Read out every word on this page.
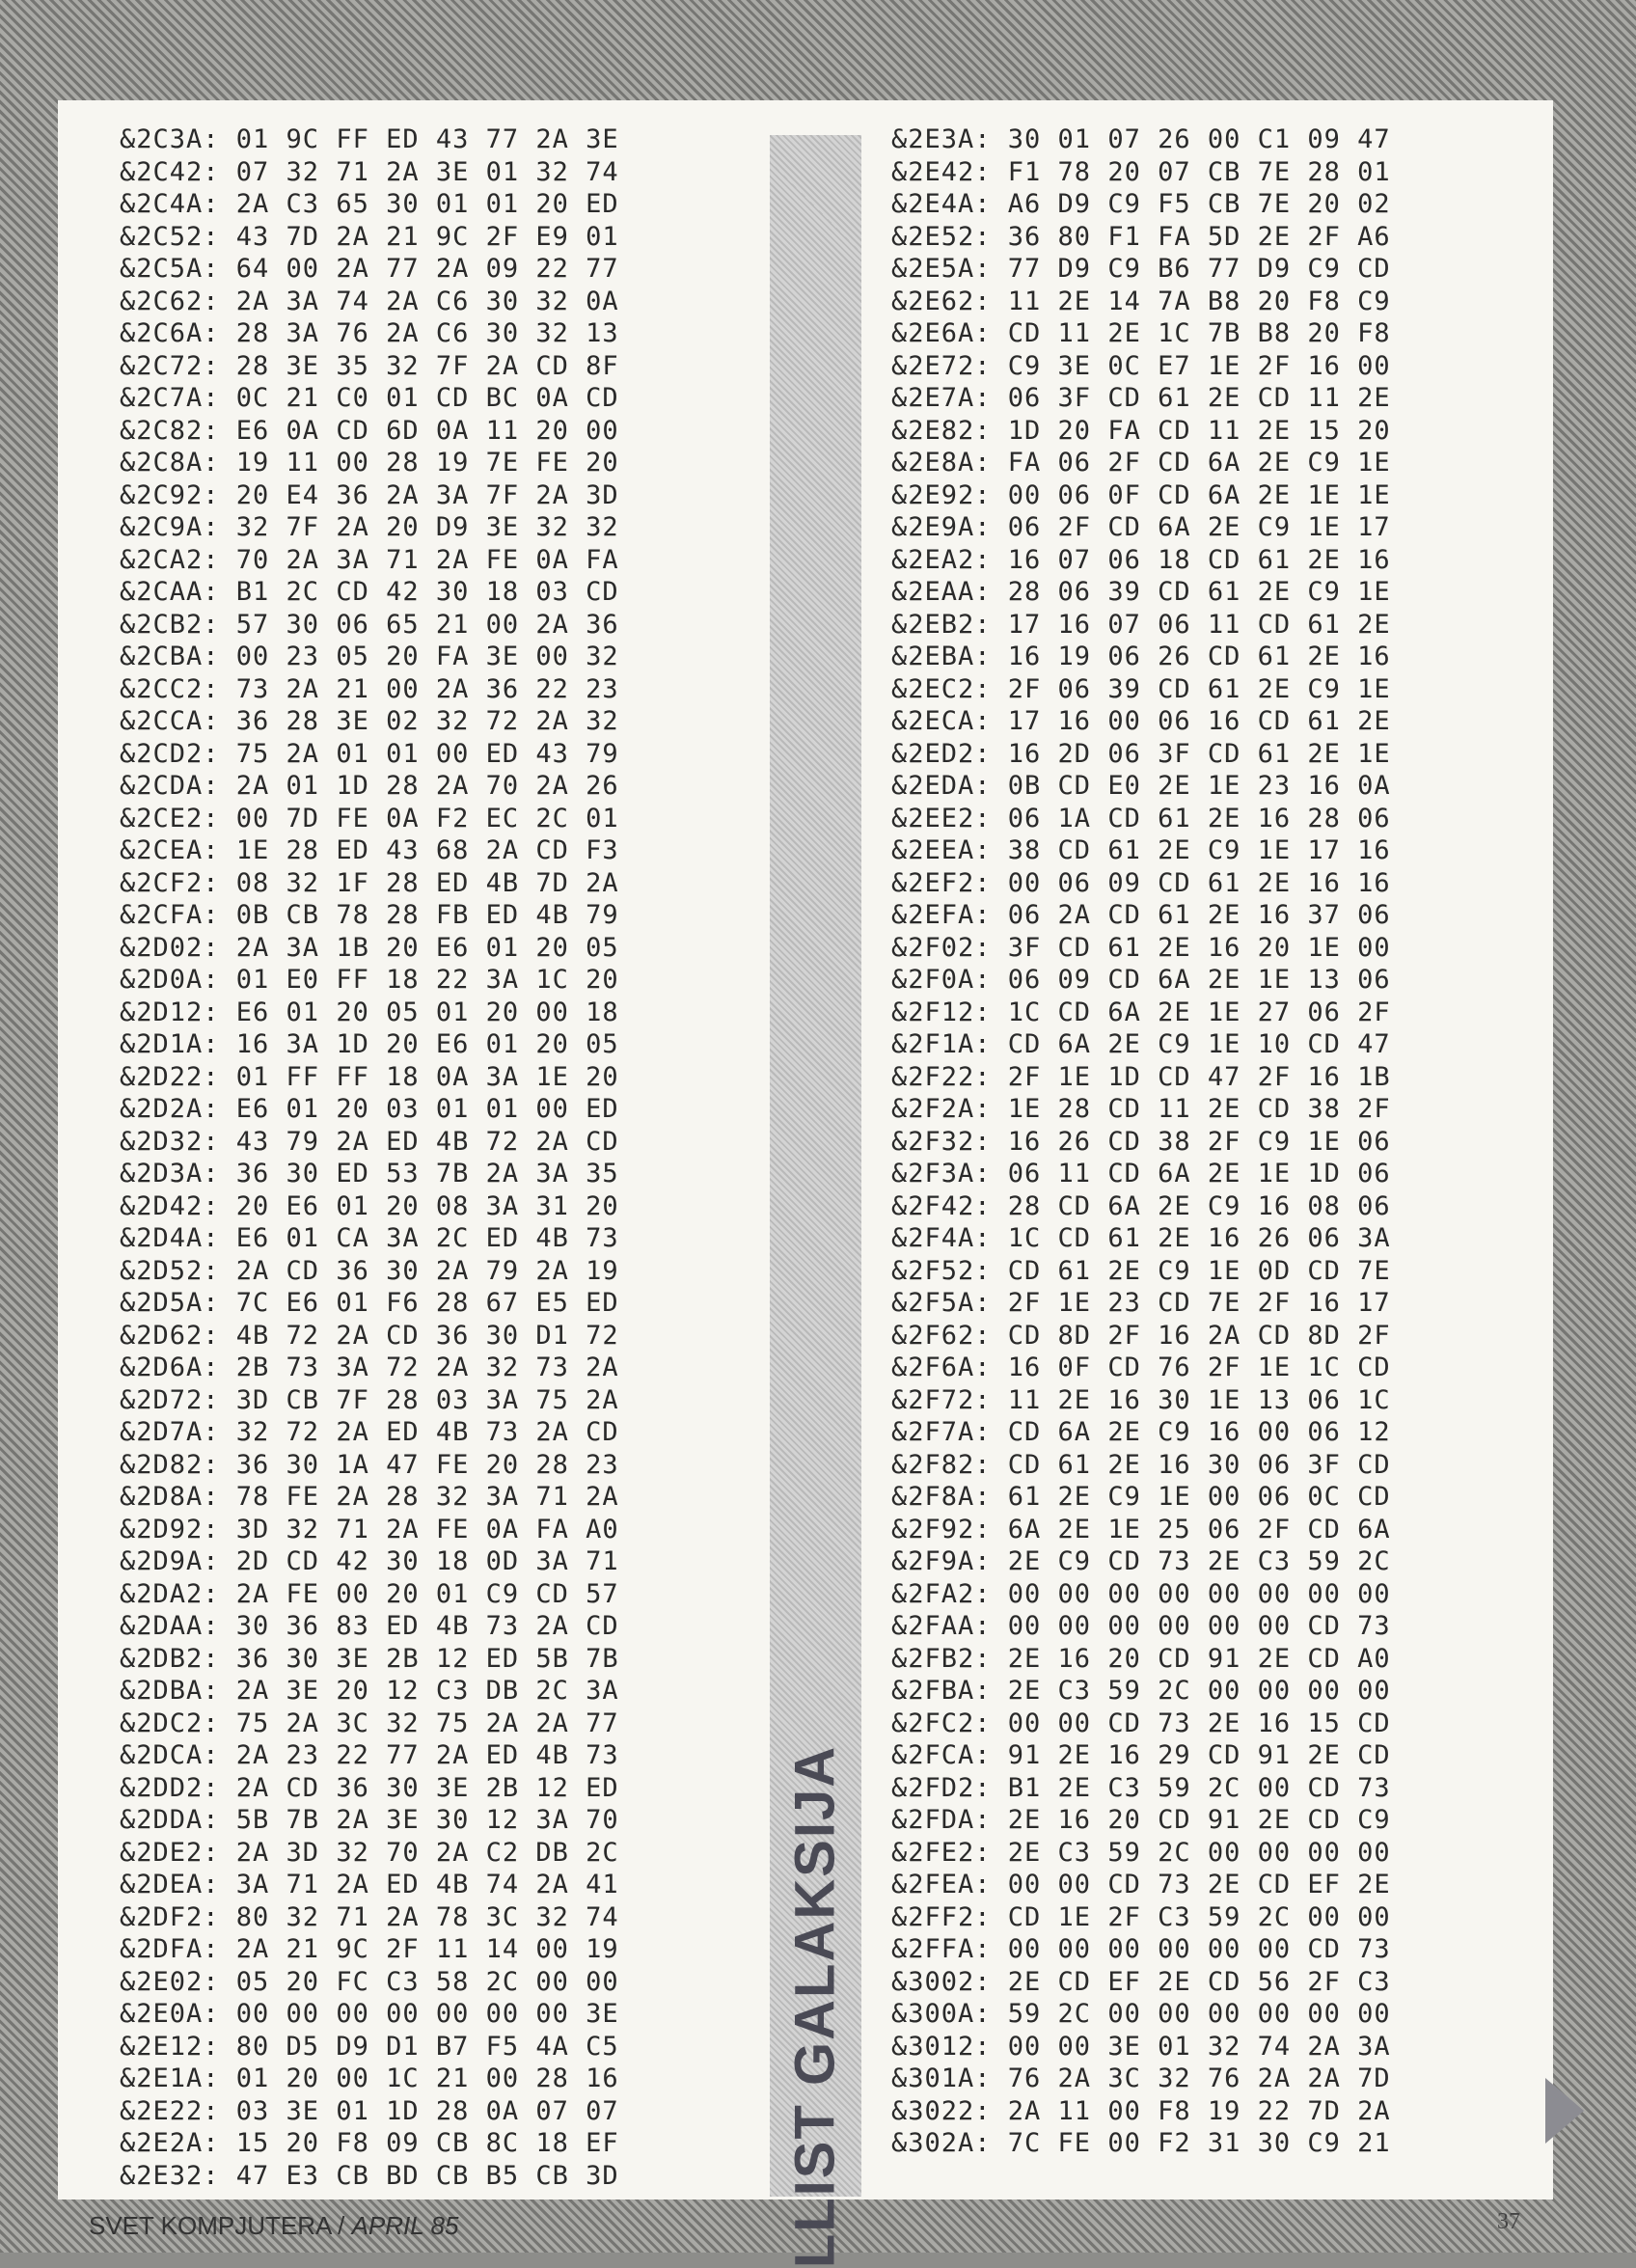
&2C3A: 01 9C FF ED 43 77 2A 3E
&2C42: 07 32 71 2A 3E 01 32 74
&2C4A: 2A C3 65 30 01 01 20 ED
&2C52: 43 7D 2A 21 9C 2F E9 01
&2C5A: 64 00 2A 77 2A 09 22 77
&2C62: 2A 3A 74 2A C6 30 32 0A
&2C6A: 28 3A 76 2A C6 30 32 13
&2C72: 28 3E 35 32 7F 2A CD 8F
&2C7A: 0C 21 C0 01 CD BC 0A CD
&2C82: E6 0A CD 6D 0A 11 20 00
&2C8A: 19 11 00 28 19 7E FE 20
&2C92: 20 E4 36 2A 3A 7F 2A 3D
&2C9A: 32 7F 2A 20 D9 3E 32 32
&2CA2: 70 2A 3A 71 2A FE 0A FA
&2CAA: B1 2C CD 42 30 18 03 CD
&2CB2: 57 30 06 65 21 00 2A 36
&2CBA: 00 23 05 20 FA 3E 00 32
&2CC2: 73 2A 21 00 2A 36 22 23
&2CCA: 36 28 3E 02 32 72 2A 32
&2CD2: 75 2A 01 01 00 ED 43 79
&2CDA: 2A 01 1D 28 2A 70 2A 26
&2CE2: 00 7D FE 0A F2 EC 2C 01
&2CEA: 1E 28 ED 43 68 2A CD F3
&2CF2: 08 32 1F 28 ED 4B 7D 2A
&2CFA: 0B CB 78 28 FB ED 4B 79
&2D02: 2A 3A 1B 20 E6 01 20 05
&2D0A: 01 E0 FF 18 22 3A 1C 20
&2D12: E6 01 20 05 01 20 00 18
&2D1A: 16 3A 1D 20 E6 01 20 05
&2D22: 01 FF FF 18 0A 3A 1E 20
&2D2A: E6 01 20 03 01 01 00 ED
&2D32: 43 79 2A ED 4B 72 2A CD
&2D3A: 36 30 ED 53 7B 2A 3A 35
&2D42: 20 E6 01 20 08 3A 31 20
&2D4A: E6 01 CA 3A 2C ED 4B 73
&2D52: 2A CD 36 30 2A 79 2A 19
&2D5A: 7C E6 01 F6 28 67 E5 ED
&2D62: 4B 72 2A CD 36 30 D1 72
&2D6A: 2B 73 3A 72 2A 32 73 2A
&2D72: 3D CB 7F 28 03 3A 75 2A
&2D7A: 32 72 2A ED 4B 73 2A CD
&2D82: 36 30 1A 47 FE 20 28 23
&2D8A: 78 FE 2A 28 32 3A 71 2A
&2D92: 3D 32 71 2A FE 0A FA A0
&2D9A: 2D CD 42 30 18 0D 3A 71
&2DA2: 2A FE 00 20 01 C9 CD 57
&2DAA: 30 36 83 ED 4B 73 2A CD
&2DB2: 36 30 3E 2B 12 ED 5B 7B
&2DBA: 2A 3E 20 12 C3 DB 2C 3A
&2DC2: 75 2A 3C 32 75 2A 2A 77
&2DCA: 2A 23 22 77 2A ED 4B 73
&2DD2: 2A CD 36 30 3E 2B 12 ED
&2DDA: 5B 7B 2A 3E 30 12 3A 70
&2DE2: 2A 3D 32 70 2A C2 DB 2C
&2DEA: 3A 71 2A ED 4B 74 2A 41
&2DF2: 80 32 71 2A 78 3C 32 74
&2DFA: 2A 21 9C 2F 11 14 00 19
&2E02: 05 20 FC C3 58 2C 00 00
&2E0A: 00 00 00 00 00 00 00 3E
&2E12: 80 D5 D9 D1 B7 F5 4A C5
&2E1A: 01 20 00 1C 21 00 28 16
&2E22: 03 3E 01 1D 28 0A 07 07
&2E2A: 15 20 F8 09 CB 8C 18 EF
&2E32: 47 E3 CB BD CB B5 CB 3D	LLIST GALAKSIJA
&2E3A: 30 01 07 26 00 C1 09 47
&2E42: F1 78 20 07 CB 7E 28 01
&2E4A: A6 D9 C9 F5 CB 7E 20 02
&2E52: 36 80 F1 FA 5D 2E 2F A6
&2E5A: 77 D9 C9 B6 77 D9 C9 CD
&2E62: 11 2E 14 7A B8 20 F8 C9
&2E6A: CD 11 2E 1C 7B B8 20 F8
&2E72: C9 3E 0C E7 1E 2F 16 00
&2E7A: 06 3F CD 61 2E CD 11 2E
&2E82: 1D 20 FA CD 11 2E 15 20
&2E8A: FA 06 2F CD 6A 2E C9 1E
&2E92: 00 06 0F CD 6A 2E 1E 1E
&2E9A: 06 2F CD 6A 2E C9 1E 17
&2EA2: 16 07 06 18 CD 61 2E 16
&2EAA: 28 06 39 CD 61 2E C9 1E
&2EB2: 17 16 07 06 11 CD 61 2E
&2EBA: 16 19 06 26 CD 61 2E 16
&2EC2: 2F 06 39 CD 61 2E C9 1E
&2ECA: 17 16 00 06 16 CD 61 2E
&2ED2: 16 2D 06 3F CD 61 2E 1E
&2EDA: 0B CD E0 2E 1E 23 16 0A
&2EE2: 06 1A CD 61 2E 16 28 06
&2EEA: 38 CD 61 2E C9 1E 17 16
&2EF2: 00 06 09 CD 61 2E 16 16
&2EFA: 06 2A CD 61 2E 16 37 06
&2F02: 3F CD 61 2E 16 20 1E 00
&2F0A: 06 09 CD 6A 2E 1E 13 06
&2F12: 1C CD 6A 2E 1E 27 06 2F
&2F1A: CD 6A 2E C9 1E 10 CD 47
&2F22: 2F 1E 1D CD 47 2F 16 1B
&2F2A: 1E 28 CD 11 2E CD 38 2F
&2F32: 16 26 CD 38 2F C9 1E 06
&2F3A: 06 11 CD 6A 2E 1E 1D 06
&2F42: 28 CD 6A 2E C9 16 08 06
&2F4A: 1C CD 61 2E 16 26 06 3A
&2F52: CD 61 2E C9 1E 0D CD 7E
&2F5A: 2F 1E 23 CD 7E 2F 16 17
&2F62: CD 8D 2F 16 2A CD 8D 2F
&2F6A: 16 0F CD 76 2F 1E 1C CD
&2F72: 11 2E 16 30 1E 13 06 1C
&2F7A: CD 6A 2E C9 16 00 06 12
&2F82: CD 61 2E 16 30 06 3F CD
&2F8A: 61 2E C9 1E 00 06 0C CD
&2F92: 6A 2E 1E 25 06 2F CD 6A
&2F9A: 2E C9 CD 73 2E C3 59 2C
&2FA2: 00 00 00 00 00 00 00 00
&2FAA: 00 00 00 00 00 00 CD 73
&2FB2: 2E 16 20 CD 91 2E CD A0
&2FBA: 2E C3 59 2C 00 00 00 00
&2FC2: 00 00 CD 73 2E 16 15 CD
&2FCA: 91 2E 16 29 CD 91 2E CD
&2FD2: B1 2E C3 59 2C 00 CD 73
&2FDA: 2E 16 20 CD 91 2E CD C9
&2FE2: 2E C3 59 2C 00 00 00 00
&2FEA: 00 00 CD 73 2E CD EF 2E
&2FF2: CD 1E 2F C3 59 2C 00 00
&2FFA: 00 00 00 00 00 00 CD 73
&3002: 2E CD EF 2E CD 56 2F C3
&300A: 59 2C 00 00 00 00 00 00
&3012: 00 00 3E 01 32 74 2A 3A
&301A: 76 2A 3C 32 76 2A 2A 7D
&3022: 2A 11 00 F8 19 22 7D 2A
&302A: 7C FE 00 F2 31 30 C9 21
SVET KOMPJUTERA / APRIL 85	37
